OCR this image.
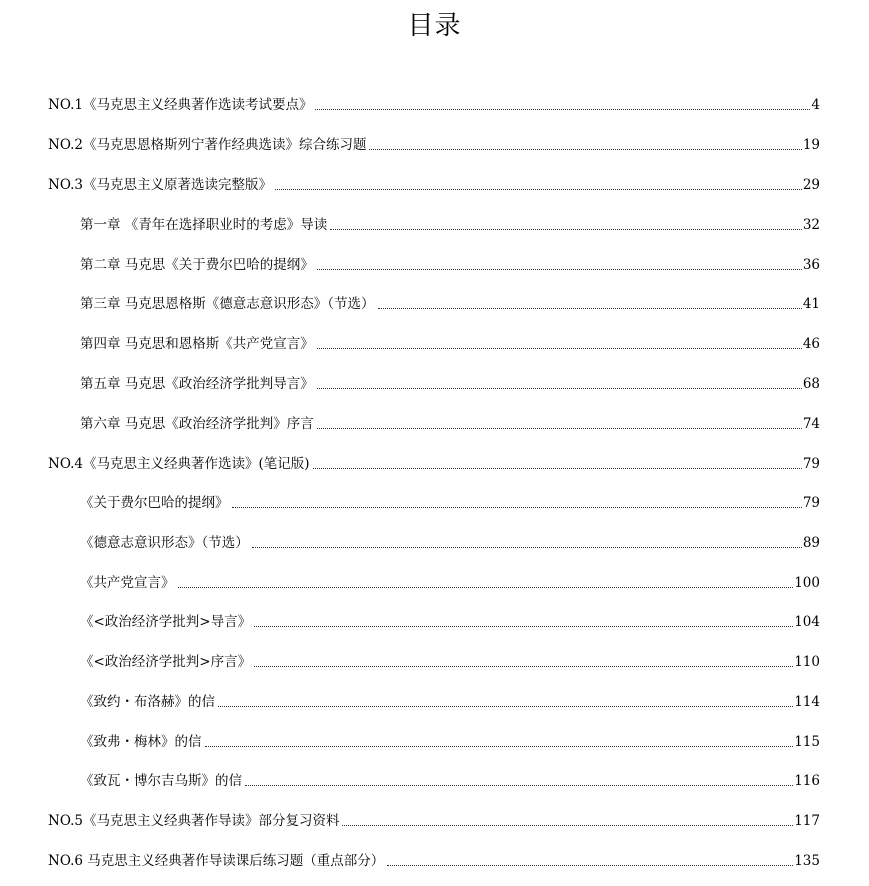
目录
NO.1《马克思主义经典著作选读考试要点》	4
NO.2《马克思恩格斯列宁著作经典选读》综合练习题	19
NO.3《马克思主义原著选读完整版》	29
第一章 《青年在选择职业时的考虑》导读	32
第二章 马克思《关于费尔巴哈的提纲》	36
第三章 马克思恩格斯《德意志意识形态》（节选）	41
第四章 马克思和恩格斯《共产党宣言》	46
第五章 马克思《政治经济学批判导言》	68
第六章 马克思《政治经济学批判》序言	74
NO.4《马克思主义经典著作选读》(笔记版)	79
《关于费尔巴哈的提纲》	79
《德意志意识形态》（节选）	89
《共产党宣言》	100
《<政治经济学批判>导言》	104
《<政治经济学批判>序言》	110
《致约・布洛赫》的信	114
《致弗・梅林》的信	115
《致瓦・博尔吉乌斯》的信	116
NO.5《马克思主义经典著作导读》部分复习资料	117
NO.6 马克思主义经典著作导读课后练习题（重点部分）	135
